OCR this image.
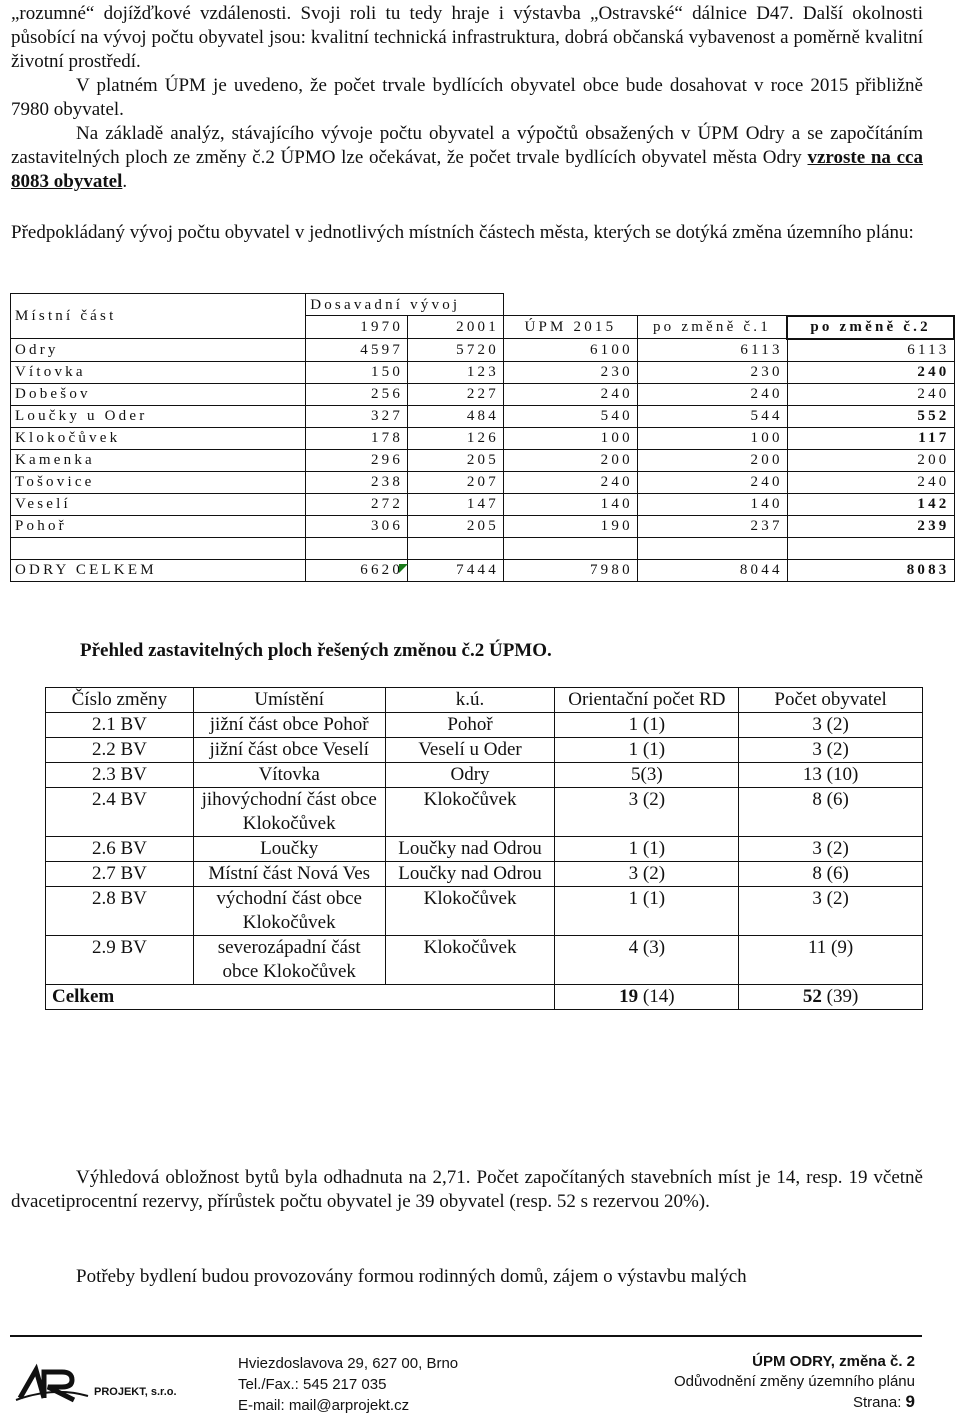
„rozumné“ dojížďkové vzdálenosti. Svoji roli tu tedy hraje i výstavba „Ostravské“ dálnice D47. Další okolnosti působící na vývoj počtu obyvatel jsou: kvalitní technická infrastruktura, dobrá občanská vybavenost a poměrně kvalitní životní prostředí.

V platném ÚPM je uvedeno, že počet trvale bydlících obyvatel obce bude dosahovat v roce 2015 přibližně 7980 obyvatel.

Na základě analýz, stávajícího vývoje počtu obyvatel a výpočtů obsažených v ÚPM Odry a se započítáním zastavitelných ploch ze změny č.2 ÚPMO lze očekávat, že počet trvale bydlících obyvatel města Odry vzroste na cca 8083 obyvatel.

Předpokládaný vývoj počtu obyvatel v jednotlivých místních částech města, kterých se dotýká změna územního plánu:

Místní část	Dosavadní vývoj				
	1970	2001	ÚPM 2015	po změně č.1	po změně č.2
Odry	4597	5720	6100	6113	6113
Vítovka	150	123	230	230	240
Dobešov	256	227	240	240	240
Loučky u Oder	327	484	540	544	552
Klokočůvek	178	126	100	100	117
Kamenka	296	205	200	200	200
Tošovice	238	207	240	240	240
Veselí	272	147	140	140	142
Pohoř	306	205	190	237	239

ODRY CELKEM	6620	7444	7980	8044	8083

Přehled zastavitelných ploch řešených změnou č.2 ÚPMO.

Číslo změny	Umístění	k.ú.	Orientační počet RD	Počet obyvatel
2.1 BV	jižní část obce Pohoř	Pohoř	1 (1)	3 (2)
2.2 BV	jižní část obce Veselí	Veselí u Oder	1 (1)	3 (2)
2.3 BV	Vítovka	Odry	5(3)	13 (10)
2.4 BV	jihovýchodní část obce Klokočůvek	Klokočůvek	3 (2)	8 (6)
2.6 BV	Loučky	Loučky nad Odrou	1 (1)	3 (2)
2.7 BV	Místní část Nová Ves	Loučky nad Odrou	3 (2)	8 (6)
2.8 BV	východní část obce Klokočůvek	Klokočůvek	1 (1)	3 (2)
2.9 BV	severozápadní část obce Klokočůvek	Klokočůvek	4 (3)	11 (9)
Celkem			19 (14)	52 (39)

Výhledová obložnost bytů byla odhadnuta na 2,71. Počet započítaných stavebních míst je 14, resp. 19 včetně dvacetiprocentní rezervy, přírůstek počtu obyvatel je 39 obyvatel (resp. 52 s rezervou 20%).

Potřeby bydlení budou provozovány formou rodinných domů, zájem o výstavbu malých

PROJEKT, s.r.o.
Hviezdoslavova 29, 627 00, Brno
Tel./Fax.: 545 217 035
E-mail: mail@arprojekt.cz
ÚPM ODRY, změna č. 2
Odůvodnění změny územního plánu
Strana: 9
